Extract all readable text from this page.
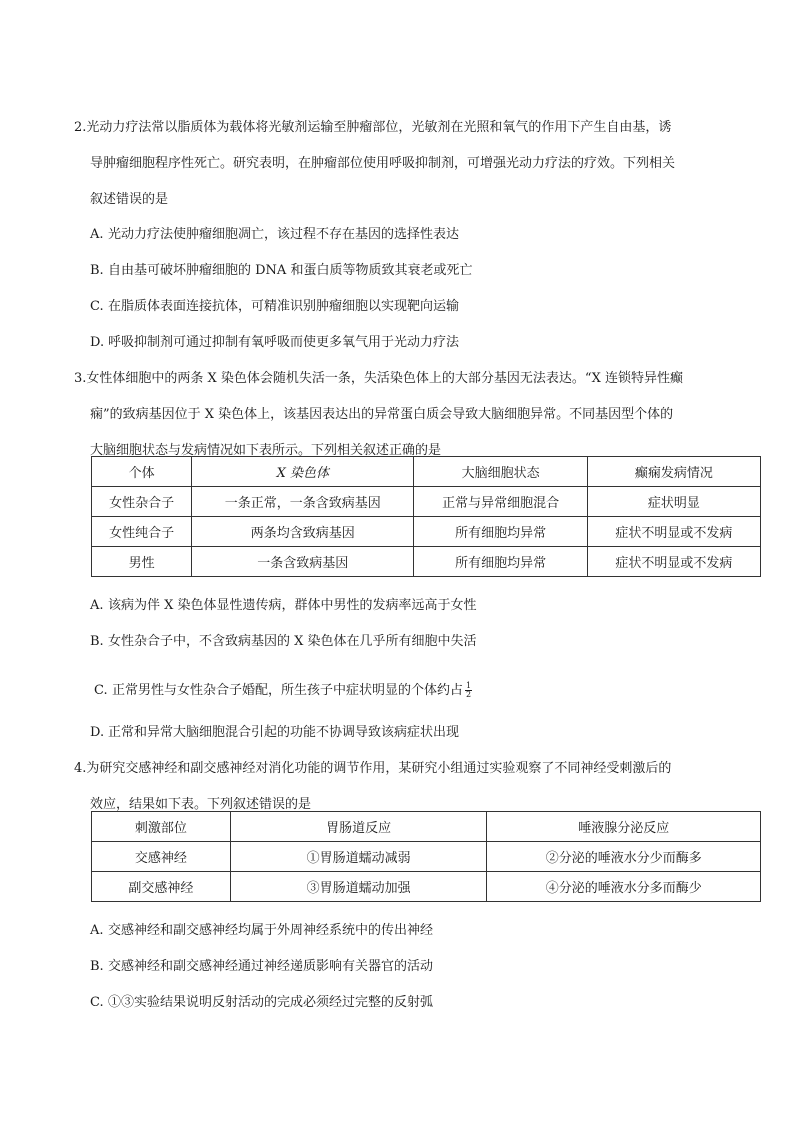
2.光动力疗法常以脂质体为载体将光敏剂运输至肿瘤部位，光敏剂在光照和氧气的作用下产生自由基，诱
导肿瘤细胞程序性死亡。研究表明，在肿瘤部位使用呼吸抑制剂，可增强光动力疗法的疗效。下列相关
叙述错误的是
A. 光动力疗法使肿瘤细胞凋亡，该过程不存在基因的选择性表达
B. 自由基可破坏肿瘤细胞的 DNA 和蛋白质等物质致其衰老或死亡
C. 在脂质体表面连接抗体，可精准识别肿瘤细胞以实现靶向运输
D. 呼吸抑制剂可通过抑制有氧呼吸而使更多氧气用于光动力疗法
3.女性体细胞中的两条 X 染色体会随机失活一条，失活染色体上的大部分基因无法表达。“X 连锁特异性癫
痫”的致病基因位于 X 染色体上，该基因表达出的异常蛋白质会导致大脑细胞异常。不同基因型个体的
大脑细胞状态与发病情况如下表所示。下列相关叙述正确的是
个体	X 染色体	大脑细胞状态	癫痫发病情况
女性杂合子	一条正常，一条含致病基因	正常与异常细胞混合	症状明显
女性纯合子	两条均含致病基因	所有细胞均异常	症状不明显或不发病
男性	一条含致病基因	所有细胞均异常	症状不明显或不发病
A. 该病为伴 X 染色体显性遗传病，群体中男性的发病率远高于女性
B. 女性杂合子中，不含致病基因的 X 染色体在几乎所有细胞中失活
C. 正常男性与女性杂合子婚配，所生孩子中症状明显的个体约占 $\frac{1}{2}$
D. 正常和异常大脑细胞混合引起的功能不协调导致该病症状出现
4.为研究交感神经和副交感神经对消化功能的调节作用，某研究小组通过实验观察了不同神经受刺激后的
效应，结果如下表。下列叙述错误的是
刺激部位	胃肠道反应	唾液腺分泌反应
交感神经	①胃肠道蠕动减弱	②分泌的唾液水分少而酶多
副交感神经	③胃肠道蠕动加强	④分泌的唾液水分多而酶少
A. 交感神经和副交感神经均属于外周神经系统中的传出神经
B. 交感神经和副交感神经通过神经递质影响有关器官的活动
C. ①③实验结果说明反射活动的完成必须经过完整的反射弧
